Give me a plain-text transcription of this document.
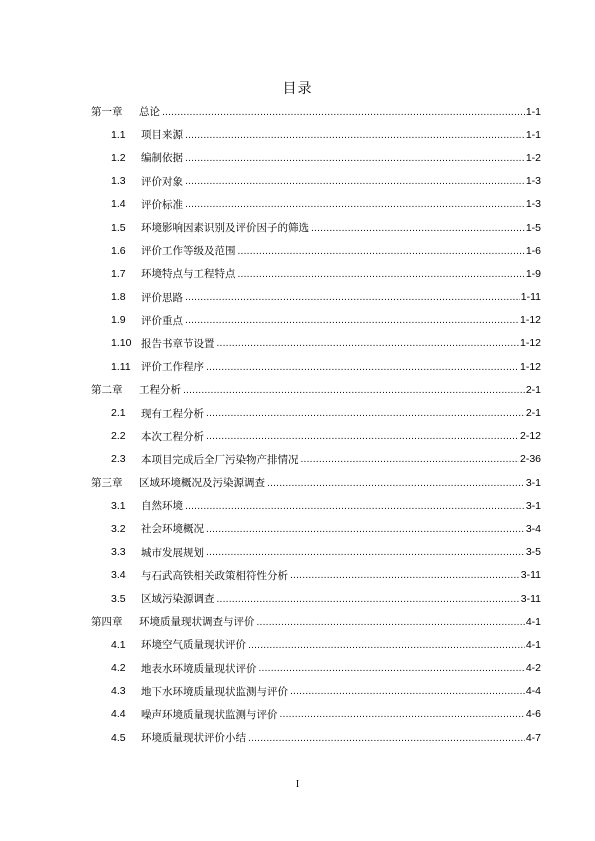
目录
第一章	总论 .....	1-1
1.1	项目来源 .....	1-1
1.2	编制依据 .....	1-2
1.3	评价对象 .....	1-3
1.4	评价标准 .....	1-3
1.5	环境影响因素识别及评价因子的筛选 .....	1-5
1.6	评价工作等级及范围 .....	1-6
1.7	环境特点与工程特点 .....	1-9
1.8	评价思路 .....	1-11
1.9	评价重点 .....	1-12
1.10 报告书章节设置 .....	1-12
1.11 评价工作程序 .....	1-12
第二章	工程分析 .....	2-1
2.1	现有工程分析 .....	2-1
2.2	本次工程分析 .....	2-12
2.3	本项目完成后全厂污染物产排情况 .....	2-36
第三章	区域环境概况及污染源调查 .....	3-1
3.1	自然环境 .....	3-1
3.2	社会环境概况 .....	3-4
3.3	城市发展规划 .....	3-5
3.4	与石武高铁相关政策相符性分析 .....	3-11
3.5	区域污染源调查 .....	3-11
第四章	环境质量现状调查与评价 .....	4-1
4.1	环境空气质量现状评价 .....	4-1
4.2	地表水环境质量现状评价 .....	4-2
4.3	地下水环境质量现状监测与评价 .....	4-4
4.4	噪声环境质量现状监测与评价 .....	4-6
4.5	环境质量现状评价小结 .....	4-7
I
